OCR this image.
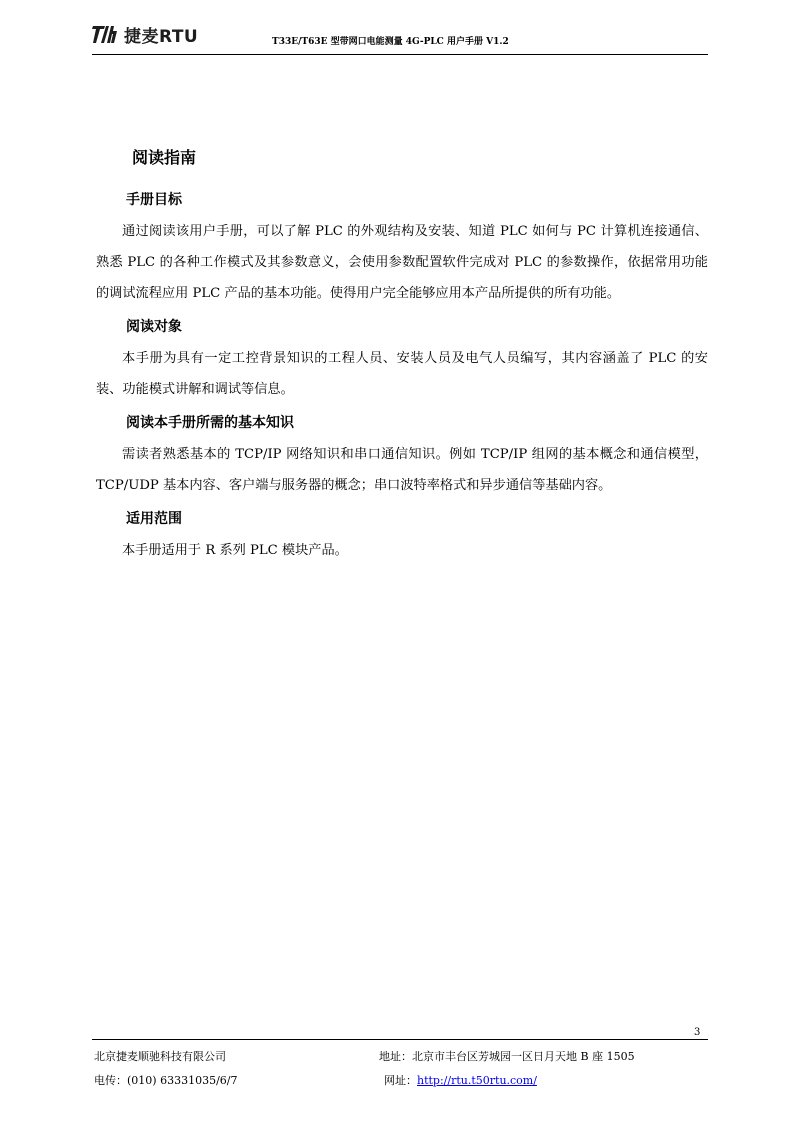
捷麦RTU	T33E/T63E 型带网口电能测量 4G-PLC 用户手册 V1.2
阅读指南
手册目标

通过阅读该用户手册，可以了解 PLC 的外观结构及安装、知道 PLC 如何与 PC 计算机连接通信、熟悉 PLC 的各种工作模式及其参数意义，会使用参数配置软件完成对 PLC 的参数操作，依据常用功能的调试流程应用 PLC 产品的基本功能。使得用户完全能够应用本产品所提供的所有功能。

阅读对象

本手册为具有一定工控背景知识的工程人员、安装人员及电气人员编写，其内容涵盖了 PLC 的安装、功能模式讲解和调试等信息。

阅读本手册所需的基本知识

需读者熟悉基本的 TCP/IP 网络知识和串口通信知识。例如 TCP/IP 组网的基本概念和通信模型，TCP/UDP 基本内容、客户端与服务器的概念；串口波特率格式和异步通信等基础内容。

适用范围

本手册适用于 R 系列 PLC 模块产品。

3
北京捷麦顺驰科技有限公司
电传：(010) 63331035/6/7
地址：北京市丰台区芳城园一区日月天地 B 座 1505
网址：http://rtu.t50rtu.com/
